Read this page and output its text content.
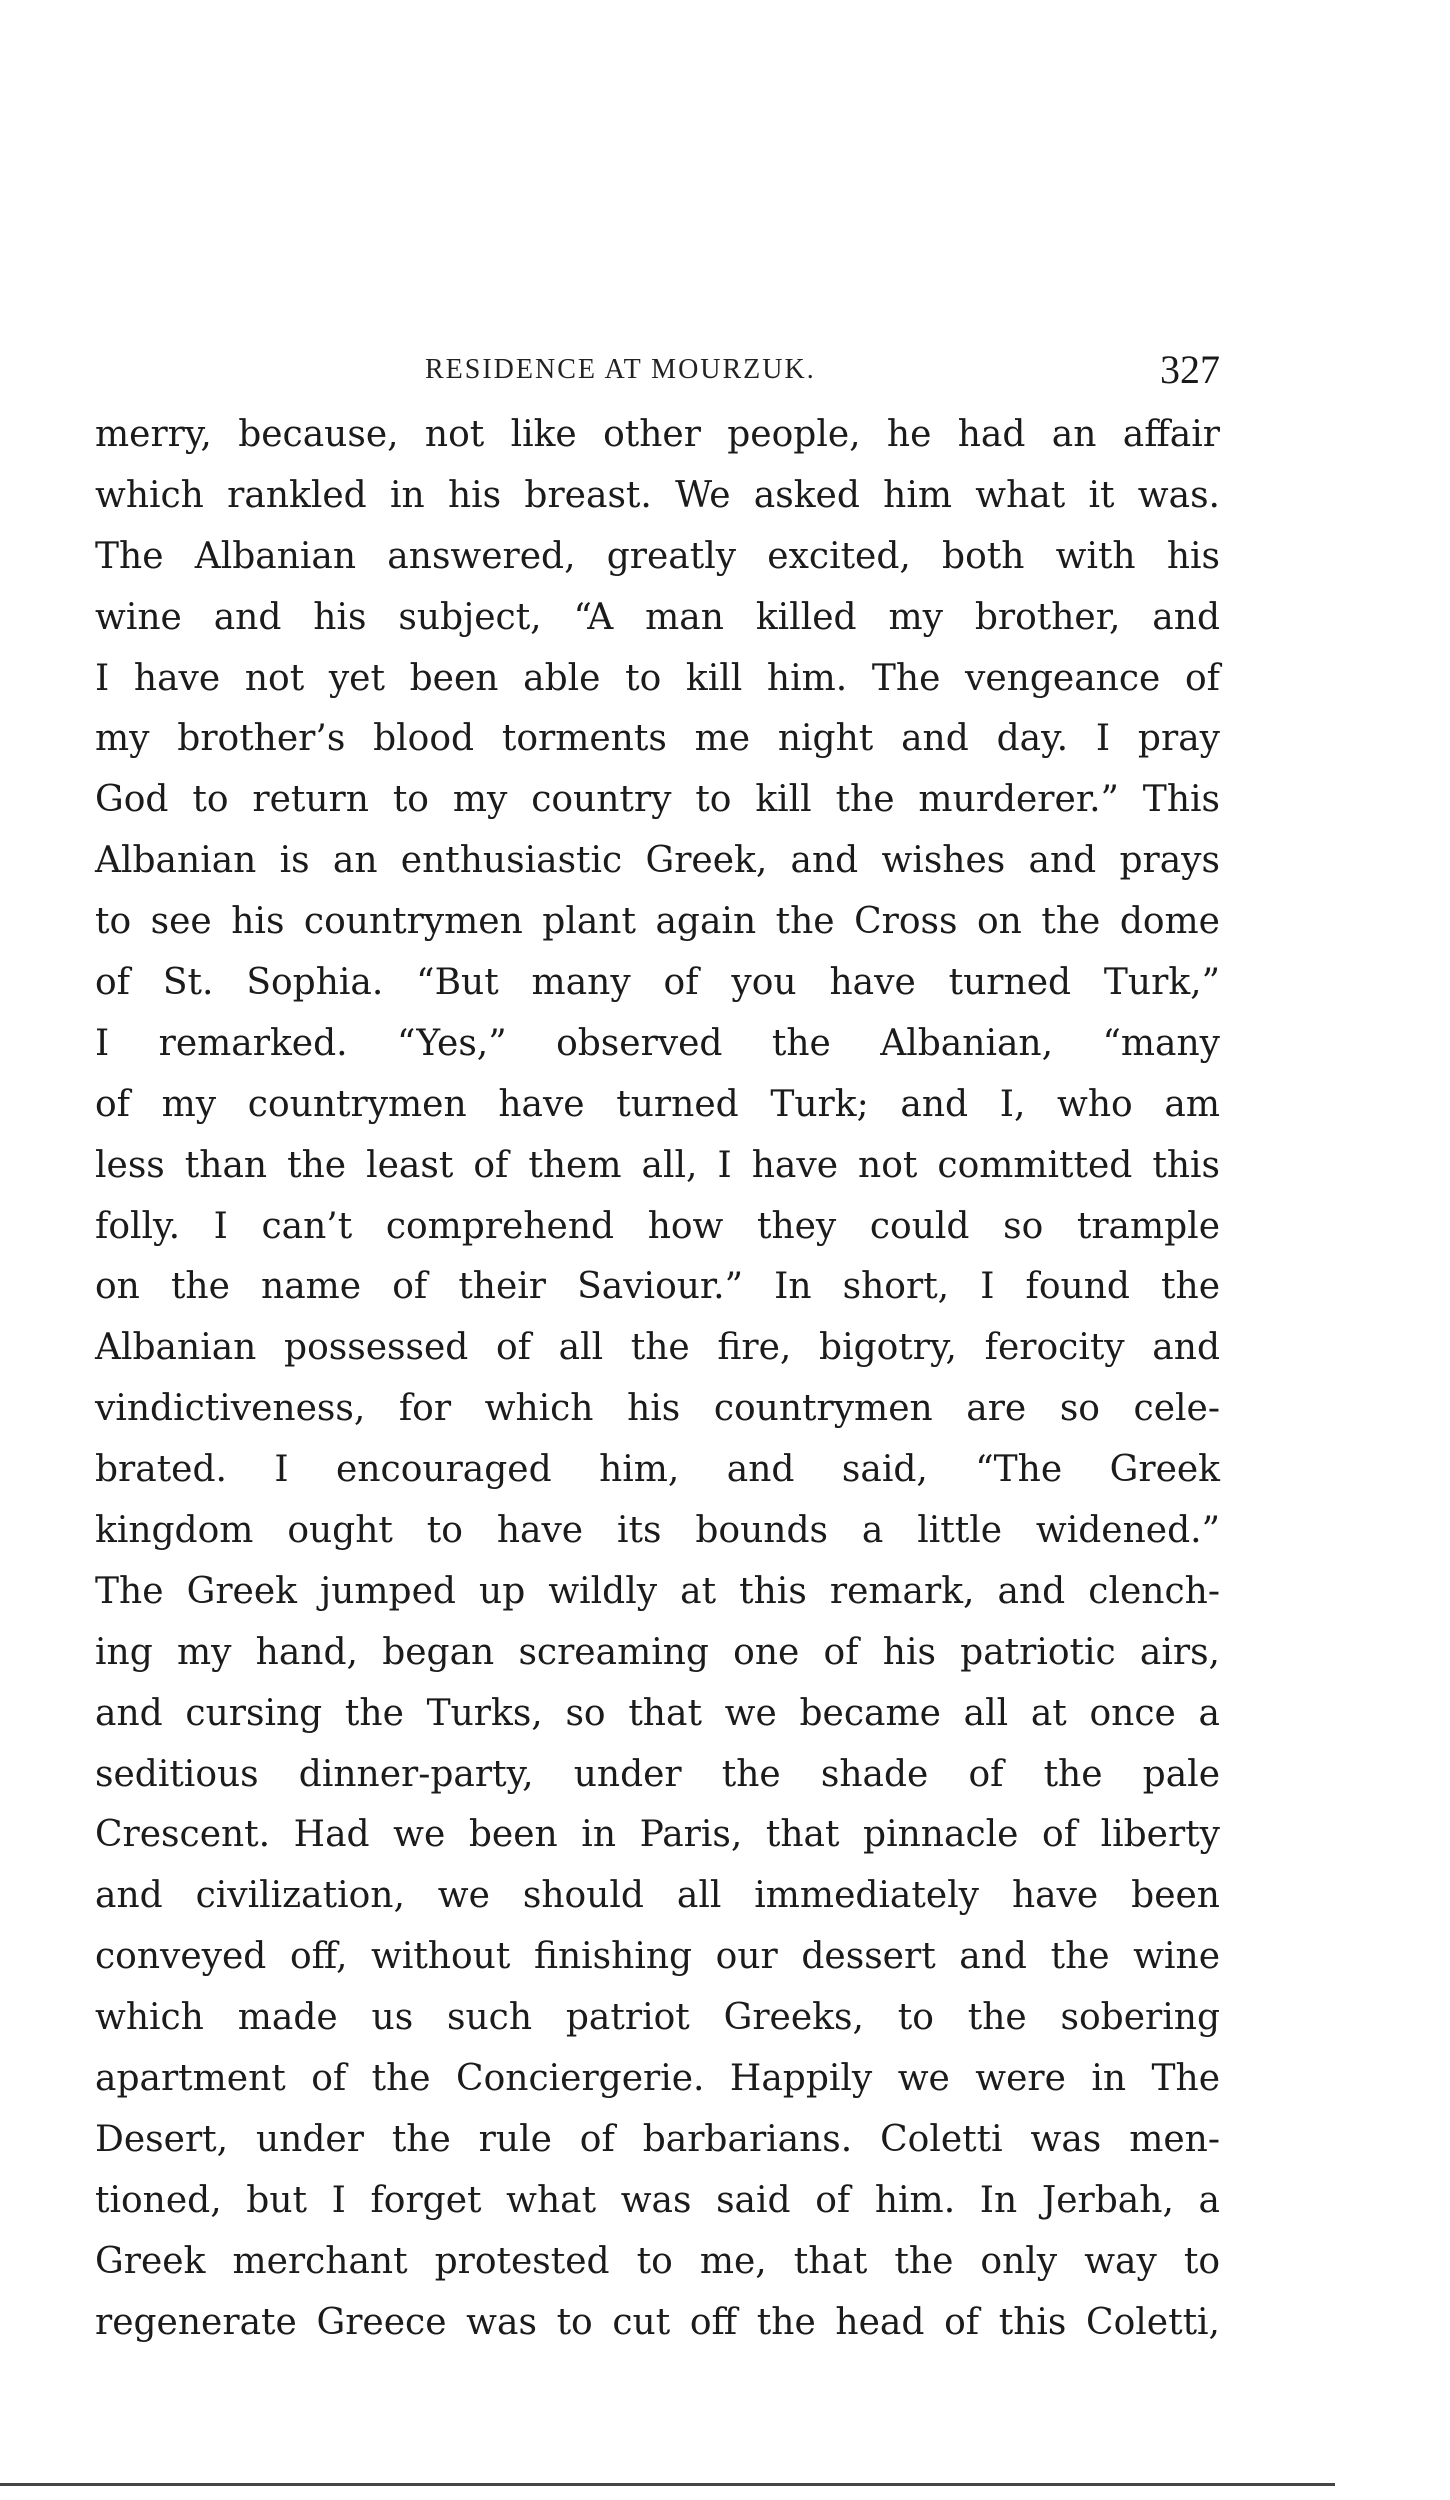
RESIDENCE AT MOURZUK.	327
merry, because, not like other people, he had an affair
which rankled in his breast. We asked him what it was.
The Albanian answered, greatly excited, both with his
wine and his subject, “A man killed my brother, and
I have not yet been able to kill him. The vengeance of
my brother’s blood torments me night and day. I pray
God to return to my country to kill the murderer.” This
Albanian is an enthusiastic Greek, and wishes and prays
to see his countrymen plant again the Cross on the dome
of St. Sophia. “But many of you have turned Turk,”
I remarked. “Yes,” observed the Albanian, “many
of my countrymen have turned Turk; and I, who am
less than the least of them all, I have not committed this
folly. I can’t comprehend how they could so trample
on the name of their Saviour.” In short, I found the
Albanian possessed of all the fire, bigotry, ferocity and
vindictiveness, for which his countrymen are so cele-
brated. I encouraged him, and said, “The Greek
kingdom ought to have its bounds a little widened.”
The Greek jumped up wildly at this remark, and clench-
ing my hand, began screaming one of his patriotic airs,
and cursing the Turks, so that we became all at once a
seditious dinner-party, under the shade of the pale
Crescent. Had we been in Paris, that pinnacle of liberty
and civilization, we should all immediately have been
conveyed off, without finishing our dessert and the wine
which made us such patriot Greeks, to the sobering
apartment of the Conciergerie. Happily we were in The
Desert, under the rule of barbarians. Coletti was men-
tioned, but I forget what was said of him. In Jerbah, a
Greek merchant protested to me, that the only way to
regenerate Greece was to cut off the head of this Coletti,
